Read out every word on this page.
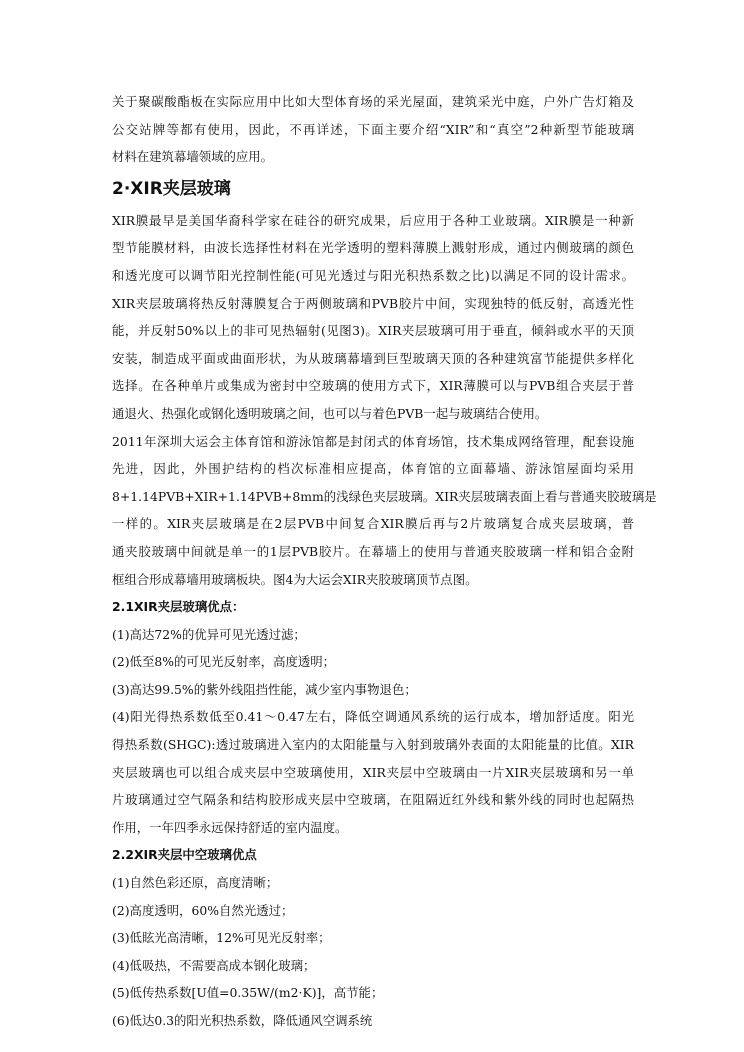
关于聚碳酸酯板在实际应用中比如大型体育场的采光屋面，建筑采光中庭，户外广告灯箱及
公交站牌等都有使用，因此，不再详述，下面主要介绍“XIR”和“真空”2种新型节能玻璃
材料在建筑幕墙领域的应用。

2·XIR夹层玻璃

XIR膜最早是美国华裔科学家在硅谷的研究成果，后应用于各种工业玻璃。XIR膜是一种新
型节能膜材料，由波长选择性材料在光学透明的塑料薄膜上溅射形成，通过内侧玻璃的颜色
和透光度可以调节阳光控制性能(可见光透过与阳光积热系数之比)以满足不同的设计需求。
XIR夹层玻璃将热反射薄膜复合于两侧玻璃和PVB胶片中间，实现独特的低反射，高透光性
能，并反射50%以上的非可见热辐射(见图3)。XIR夹层玻璃可用于垂直，倾斜或水平的天顶
安装，制造成平面或曲面形状，为从玻璃幕墙到巨型玻璃天顶的各种建筑富节能提供多样化
选择。在各种单片或集成为密封中空玻璃的使用方式下，XIR薄膜可以与PVB组合夹层于普
通退火、热强化或钢化透明玻璃之间，也可以与着色PVB一起与玻璃结合使用。

2011年深圳大运会主体育馆和游泳馆都是封闭式的体育场馆，技术集成网络管理，配套设施
先进，因此，外围护结构的档次标准相应提高，体育馆的立面幕墙、游泳馆屋面均采用
8+1.14PVB+XIR+1.14PVB+8mm的浅绿色夹层玻璃。XIR夹层玻璃表面上看与普通夹胶玻璃是
一样的。XIR夹层玻璃是在2层PVB中间复合XIR膜后再与2片玻璃复合成夹层玻璃，普
通夹胶玻璃中间就是单一的1层PVB胶片。在幕墙上的使用与普通夹胶玻璃一样和铝合金附
框组合形成幕墙用玻璃板块。图4为大运会XIR夹胶玻璃顶节点图。

2.1XIR夹层玻璃优点：
(1)高达72%的优异可见光透过滤；
(2)低至8%的可见光反射率，高度透明；
(3)高达99.5%的紫外线阻挡性能，减少室内事物退色；

(4)阳光得热系数低至0.41～0.47左右，降低空调通风系统的运行成本，增加舒适度。阳光
得热系数(SHGC):透过玻璃进入室内的太阳能量与入射到玻璃外表面的太阳能量的比值。XIR
夹层玻璃也可以组合成夹层中空玻璃使用，XIR夹层中空玻璃由一片XIR夹层玻璃和另一单
片玻璃通过空气隔条和结构胶形成夹层中空玻璃，在阻隔近红外线和紫外线的同时也起隔热
作用，一年四季永远保持舒适的室内温度。

2.2XIR夹层中空玻璃优点
(1)自然色彩还原，高度清晰；
(2)高度透明，60%自然光透过；
(3)低眩光高清晰，12%可见光反射率；
(4)低吸热，不需要高成本钢化玻璃；
(5)低传热系数[U值=0.35W/(m2·K)]，高节能；
(6)低达0.3的阳光积热系数，降低通风空调系统
